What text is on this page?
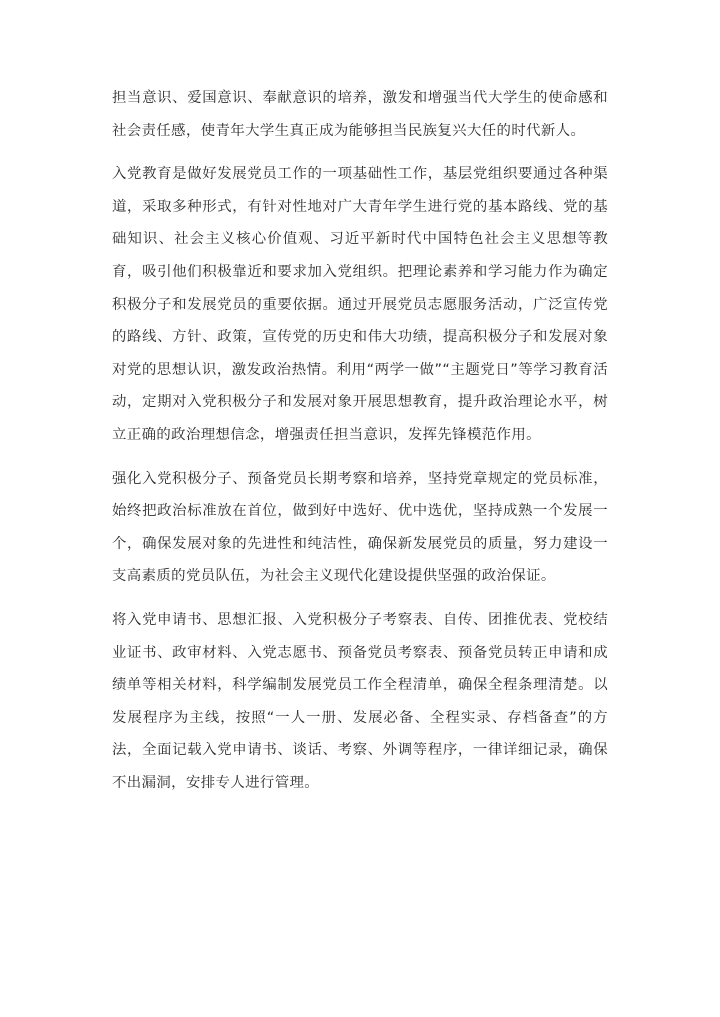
担当意识、爱国意识、奉献意识的培养，激发和增强当代大学生的使命感和社会责任感，使青年大学生真正成为能够担当民族复兴大任的时代新人。

入党教育是做好发展党员工作的一项基础性工作，基层党组织要通过各种渠道，采取多种形式，有针对性地对广大青年学生进行党的基本路线、党的基础知识、社会主义核心价值观、习近平新时代中国特色社会主义思想等教育，吸引他们积极靠近和要求加入党组织。把理论素养和学习能力作为确定积极分子和发展党员的重要依据。通过开展党员志愿服务活动，广泛宣传党的路线、方针、政策，宣传党的历史和伟大功绩，提高积极分子和发展对象对党的思想认识，激发政治热情。利用“两学一做”“主题党日”等学习教育活动，定期对入党积极分子和发展对象开展思想教育，提升政治理论水平，树立正确的政治理想信念，增强责任担当意识，发挥先锋模范作用。

强化入党积极分子、预备党员长期考察和培养，坚持党章规定的党员标准，始终把政治标准放在首位，做到好中选好、优中选优，坚持成熟一个发展一个，确保发展对象的先进性和纯洁性，确保新发展党员的质量，努力建设一支高素质的党员队伍，为社会主义现代化建设提供坚强的政治保证。

将入党申请书、思想汇报、入党积极分子考察表、自传、团推优表、党校结业证书、政审材料、入党志愿书、预备党员考察表、预备党员转正申请和成绩单等相关材料，科学编制发展党员工作全程清单，确保全程条理清楚。以发展程序为主线，按照“一人一册、发展必备、全程实录、存档备查”的方法，全面记载入党申请书、谈话、考察、外调等程序，一律详细记录，确保不出漏洞，安排专人进行管理。
